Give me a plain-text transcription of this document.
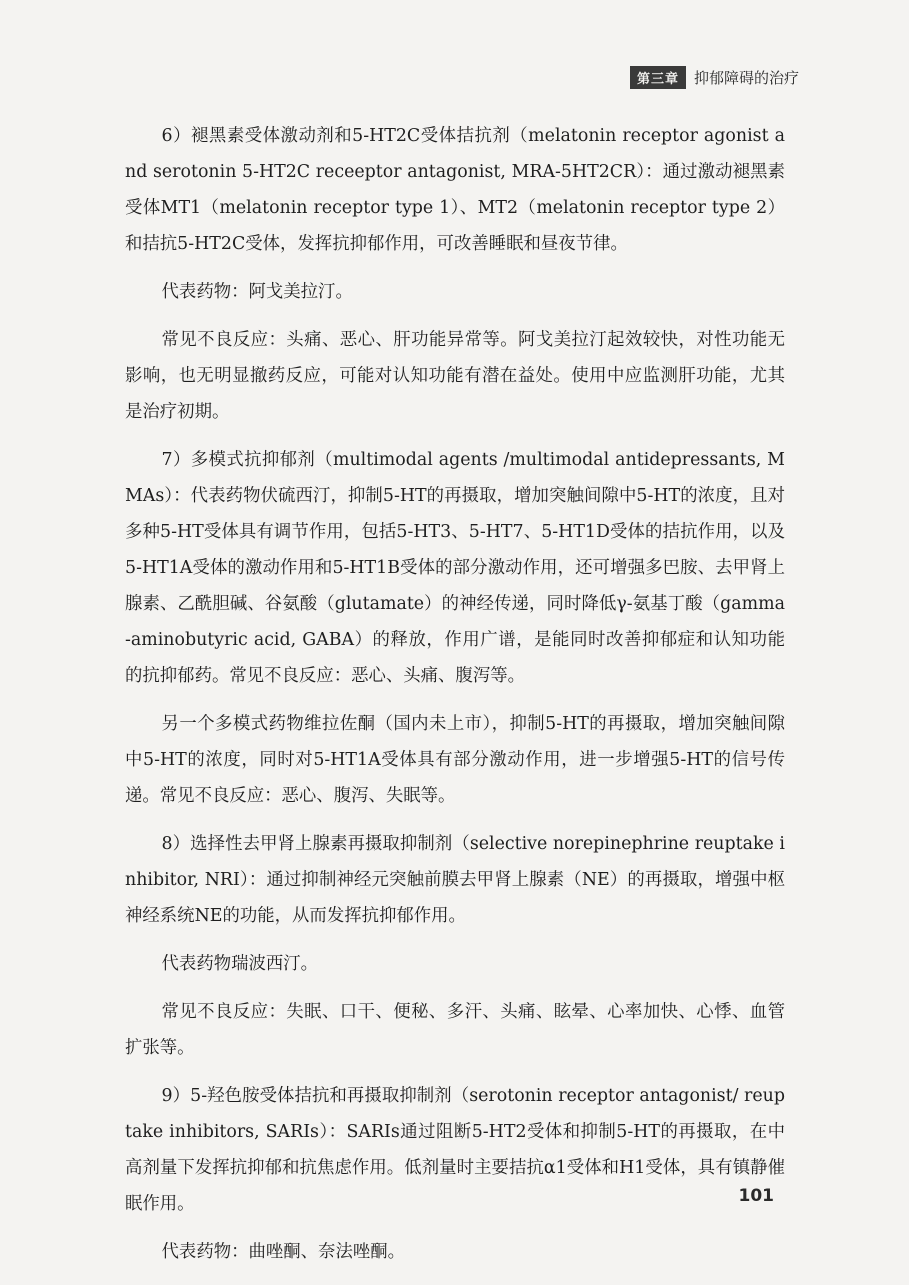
第三章	抑郁障碍的治疗

6）褪黑素受体激动剂和5-HT2C受体拮抗剂（melatonin receptor agonist and serotonin 5-HT2C receeptor antagonist, MRA-5HT2CR）：通过激动褪黑素受体MT1（melatonin receptor type 1）、MT2（melatonin receptor type 2）和拮抗5-HT2C受体，发挥抗抑郁作用，可改善睡眠和昼夜节律。

代表药物：阿戈美拉汀。

常见不良反应：头痛、恶心、肝功能异常等。阿戈美拉汀起效较快，对性功能无影响，也无明显撤药反应，可能对认知功能有潜在益处。使用中应监测肝功能，尤其是治疗初期。

7）多模式抗抑郁剂（multimodal agents /multimodal antidepressants, MMAs）：代表药物伏硫西汀，抑制5-HT的再摄取，增加突触间隙中5-HT的浓度，且对多种5-HT受体具有调节作用，包括5-HT3、5-HT7、5-HT1D受体的拮抗作用，以及5-HT1A受体的激动作用和5-HT1B受体的部分激动作用，还可增强多巴胺、去甲肾上腺素、乙酰胆碱、谷氨酸（glutamate）的神经传递，同时降低γ-氨基丁酸（gamma-aminobutyric acid, GABA）的释放，作用广谱，是能同时改善抑郁症和认知功能的抗抑郁药。常见不良反应：恶心、头痛、腹泻等。

另一个多模式药物维拉佐酮（国内未上市），抑制5-HT的再摄取，增加突触间隙中5-HT的浓度，同时对5-HT1A受体具有部分激动作用，进一步增强5-HT的信号传递。常见不良反应：恶心、腹泻、失眠等。

8）选择性去甲肾上腺素再摄取抑制剂（selective norepinephrine reuptake inhibitor, NRI）：通过抑制神经元突触前膜去甲肾上腺素（NE）的再摄取，增强中枢神经系统NE的功能，从而发挥抗抑郁作用。

代表药物瑞波西汀。

常见不良反应：失眠、口干、便秘、多汗、头痛、眩晕、心率加快、心悸、血管扩张等。

9）5-羟色胺受体拮抗和再摄取抑制剂（serotonin receptor antagonist/ reuptake inhibitors, SARIs）：SARIs通过阻断5-HT2受体和抑制5-HT的再摄取，在中高剂量下发挥抗抑郁和抗焦虑作用。低剂量时主要拮抗α1受体和H1受体，具有镇静催眠作用。

代表药物：曲唑酮、奈法唑酮。

101
